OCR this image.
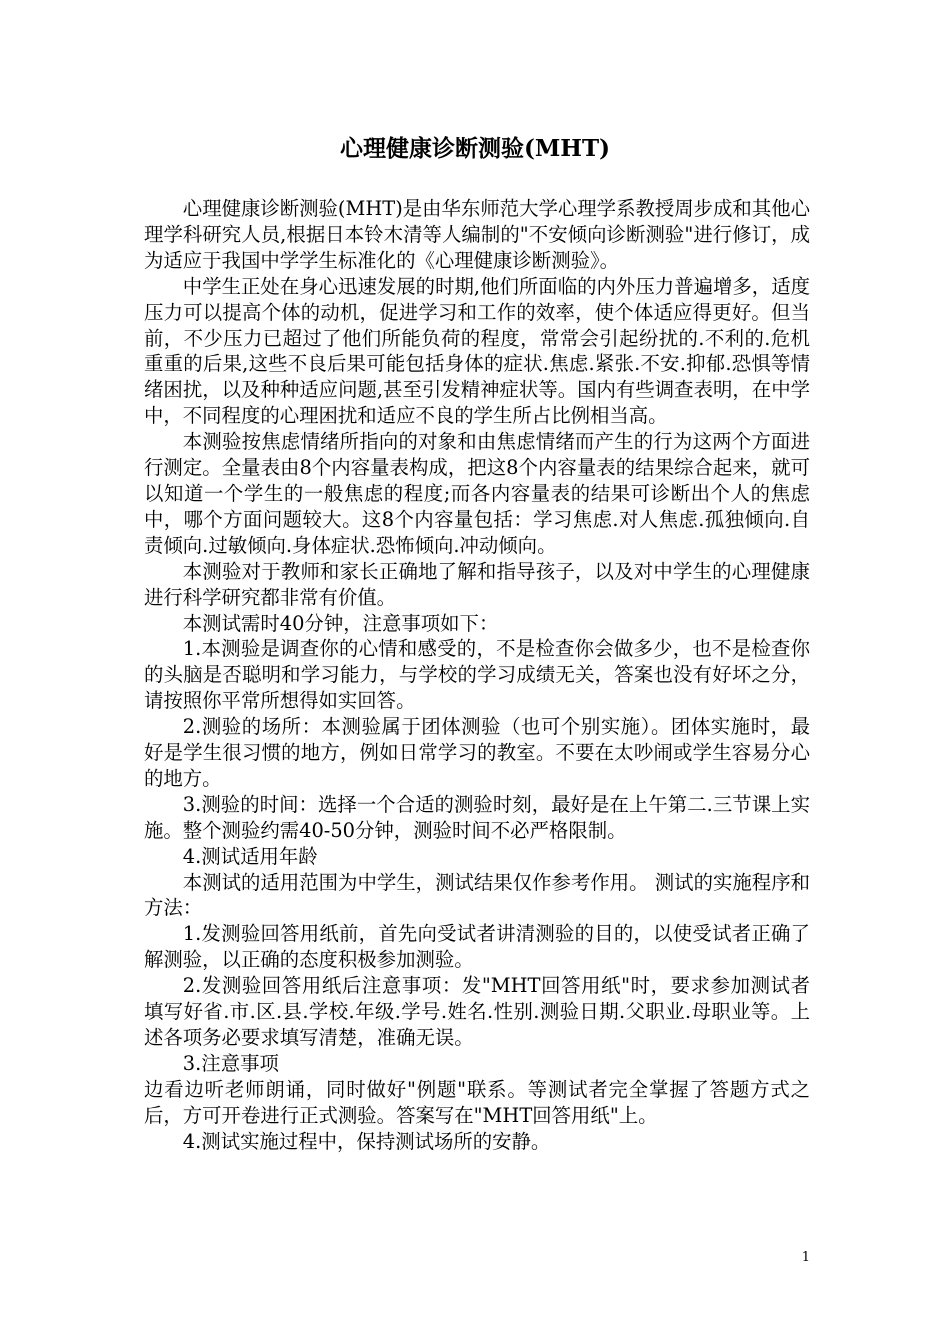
心理健康诊断测验(MHT)

心理健康诊断测验(MHT)是由华东师范大学心理学系教授周步成和其他心理学科研究人员,根据日本铃木清等人编制的"不安倾向诊断测验"进行修订，成为适应于我国中学学生标准化的《心理健康诊断测验》。

中学生正处在身心迅速发展的时期,他们所面临的内外压力普遍增多，适度压力可以提高个体的动机，促进学习和工作的效率，使个体适应得更好。但当前，不少压力已超过了他们所能负荷的程度，常常会引起纷扰的.不利的.危机重重的后果,这些不良后果可能包括身体的症状.焦虑.紧张.不安.抑郁.恐惧等情绪困扰，以及种种适应问题,甚至引发精神症状等。国内有些调查表明，在中学中，不同程度的心理困扰和适应不良的学生所占比例相当高。

本测验按焦虑情绪所指向的对象和由焦虑情绪而产生的行为这两个方面进行测定。全量表由8个内容量表构成，把这8个内容量表的结果综合起来，就可以知道一个学生的一般焦虑的程度;而各内容量表的结果可诊断出个人的焦虑中，哪个方面问题较大。这8个内容量包括：学习焦虑.对人焦虑.孤独倾向.自责倾向.过敏倾向.身体症状.恐怖倾向.冲动倾向。

本测验对于教师和家长正确地了解和指导孩子，以及对中学生的心理健康进行科学研究都非常有价值。

本测试需时40分钟，注意事项如下：

1.本测验是调查你的心情和感受的，不是检查你会做多少，也不是检查你的头脑是否聪明和学习能力，与学校的学习成绩无关，答案也没有好坏之分，请按照你平常所想得如实回答。

2.测验的场所：本测验属于团体测验（也可个别实施）。团体实施时，最好是学生很习惯的地方，例如日常学习的教室。不要在太吵闹或学生容易分心的地方。

3.测验的时间：选择一个合适的测验时刻，最好是在上午第二.三节课上实施。整个测验约需40-50分钟，测验时间不必严格限制。

4.测试适用年龄

本测试的适用范围为中学生，测试结果仅作参考作用。 测试的实施程序和方法：

1.发测验回答用纸前，首先向受试者讲清测验的目的，以使受试者正确了解测验，以正确的态度积极参加测验。

2.发测验回答用纸后注意事项：发"MHT回答用纸"时，要求参加测试者填写好省.市.区.县.学校.年级.学号.姓名.性别.测验日期.父职业.母职业等。上述各项务必要求填写清楚，准确无误。

3.注意事项

边看边听老师朗诵，同时做好"例题"联系。等测试者完全掌握了答题方式之后，方可开卷进行正式测验。答案写在"MHT回答用纸"上。

4.测试实施过程中，保持测试场所的安静。

1
